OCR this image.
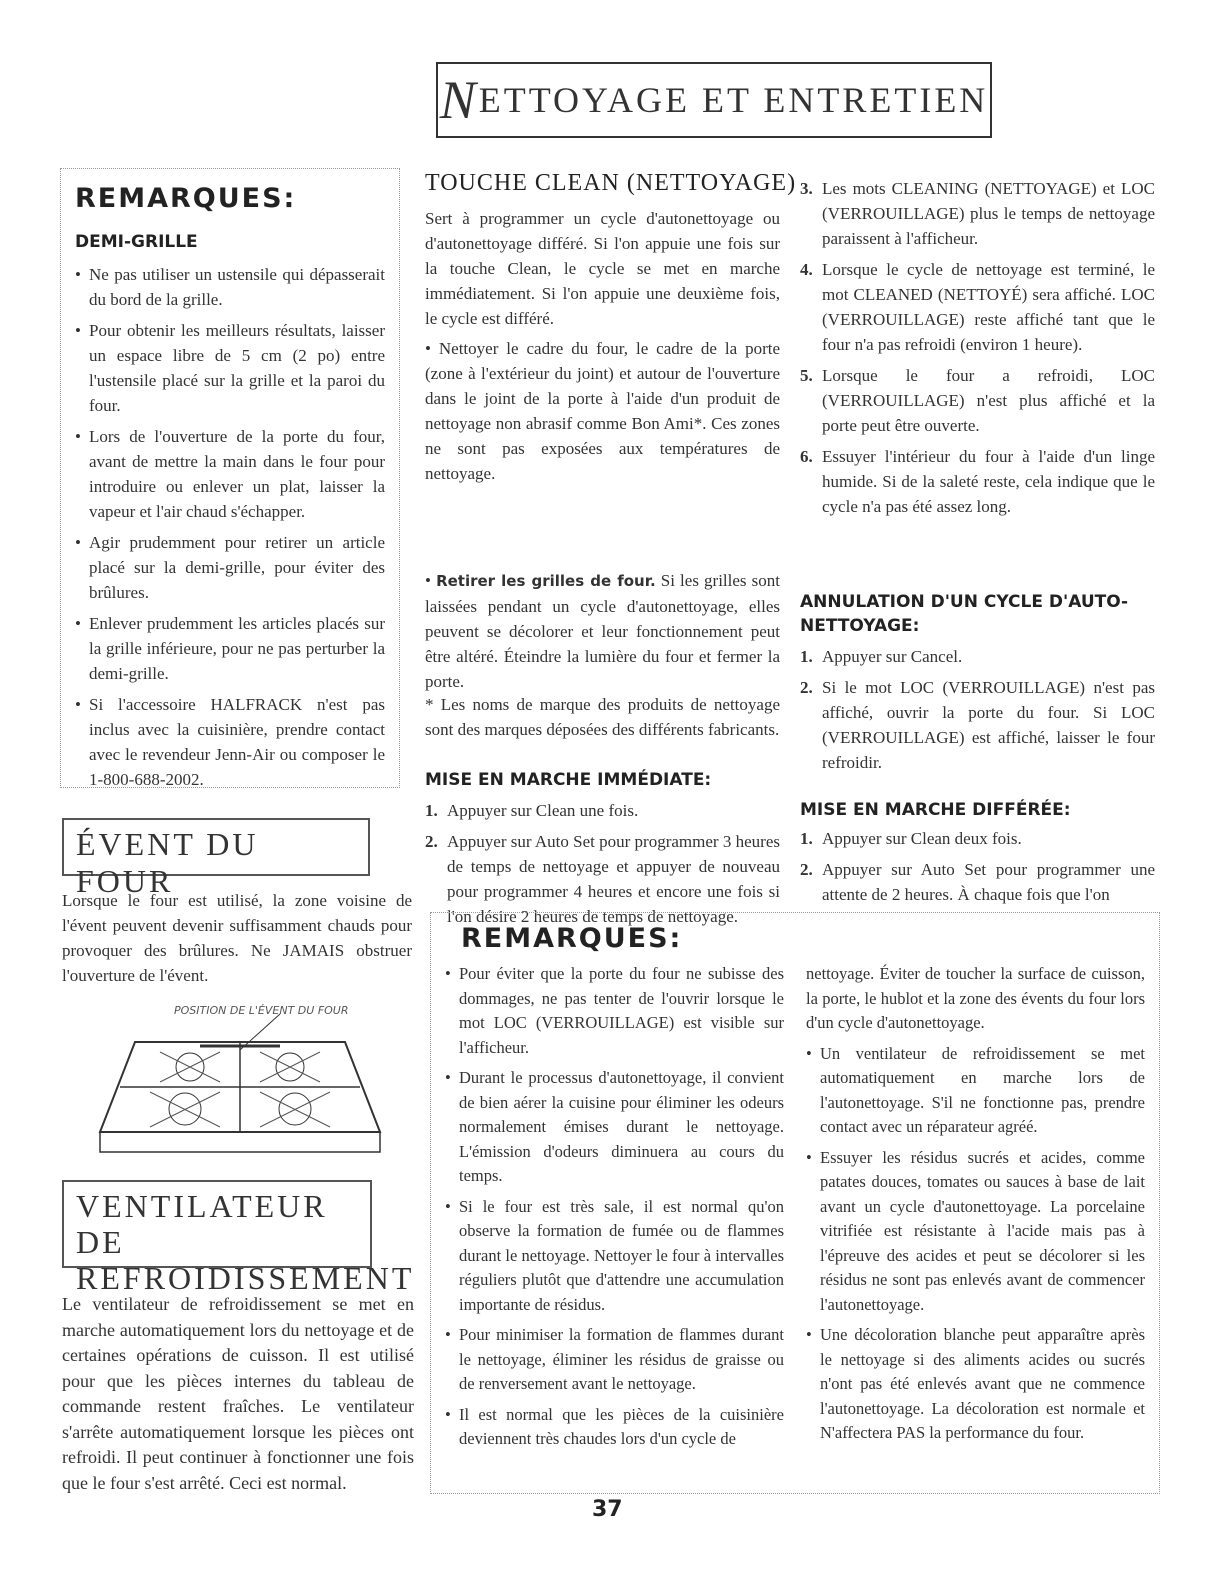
N ETTOYAGE ET ENTRETIEN
REMARQUES:
DEMI-GRILLE
• Ne pas utiliser un ustensile qui dépasserait du bord de la grille.
• Pour obtenir les meilleurs résultats, laisser un espace libre de 5 cm (2 po) entre l'ustensile placé sur la grille et la paroi du four.
• Lors de l'ouverture de la porte du four, avant de mettre la main dans le four pour introduire ou enlever un plat, laisser la vapeur et l'air chaud s'échapper.
• Agir prudemment pour retirer un article placé sur la demi-grille, pour éviter des brûlures.
• Enlever prudemment les articles placés sur la grille inférieure, pour ne pas perturber la demi-grille.
• Si l'accessoire HALFRACK n'est pas inclus avec la cuisinière, prendre contact avec le revendeur Jenn-Air ou composer le 1-800-688-2002.
ÉVENT DU FOUR
Lorsque le four est utilisé, la zone voisine de l'évent peuvent devenir suffisamment chauds pour provoquer des brûlures. Ne JAMAIS obstruer l'ouverture de l'évent.
POSITION DE L'ÉVENT DU FOUR
VENTILATEUR DE
REFROIDISSEMENT
Le ventilateur de refroidissement se met en marche automatiquement lors du nettoyage et de certaines opérations de cuisson. Il est utilisé pour que les pièces internes du tableau de commande restent fraîches. Le ventilateur s'arrête automatiquement lorsque les pièces ont refroidi. Il peut continuer à fonctionner une fois que le four s'est arrêté. Ceci est normal.
TOUCHE CLEAN (NETTOYAGE)
Sert à programmer un cycle d'autonettoyage ou d'autonettoyage différé. Si l'on appuie une fois sur la touche Clean, le cycle se met en marche immédiatement. Si l'on appuie une deuxième fois, le cycle est différé.
• Nettoyer le cadre du four, le cadre de la porte (zone à l'extérieur du joint) et autour de l'ouverture dans le joint de la porte à l'aide d'un produit de nettoyage non abrasif comme Bon Ami*. Ces zones ne sont pas exposées aux températures de nettoyage.
• Retirer les grilles de four. Si les grilles sont laissées pendant un cycle d'autonettoyage, elles peuvent se décolorer et leur fonctionnement peut être altéré. Éteindre la lumière du four et fermer la porte.
* Les noms de marque des produits de nettoyage sont des marques déposées des différents fabricants.
MISE EN MARCHE IMMÉDIATE:
1. Appuyer sur Clean une fois.
2. Appuyer sur Auto Set pour programmer 3 heures de temps de nettoyage et appuyer de nouveau pour programmer 4 heures et encore une fois si l'on désire 2 heures de temps de nettoyage.
3. Les mots CLEANING (NETTOYAGE) et LOC (VERROUILLAGE) plus le temps de nettoyage paraissent à l'afficheur.
4. Lorsque le cycle de nettoyage est terminé, le mot CLEANED (NETTOYÉ) sera affiché. LOC (VERROUILLAGE) reste affiché tant que le four n'a pas refroidi (environ 1 heure).
5. Lorsque le four a refroidi, LOC (VERROUILLAGE) n'est plus affiché et la porte peut être ouverte.
6. Essuyer l'intérieur du four à l'aide d'un linge humide. Si de la saleté reste, cela indique que le cycle n'a pas été assez long.
ANNULATION D'UN CYCLE D'AUTO-NETTOYAGE:
1. Appuyer sur Cancel.
2. Si le mot LOC (VERROUILLAGE) n'est pas affiché, ouvrir la porte du four. Si LOC (VERROUILLAGE) est affiché, laisser le four refroidir.
MISE EN MARCHE DIFFÉRÉE:
1. Appuyer sur Clean deux fois.
2. Appuyer sur Auto Set pour programmer une attente de 2 heures. À chaque fois que l'on
REMARQUES:
• Pour éviter que la porte du four ne subisse des dommages, ne pas tenter de l'ouvrir lorsque le mot LOC (VERROUILLAGE) est visible sur l'afficheur.
• Durant le processus d'autonettoyage, il convient de bien aérer la cuisine pour éliminer les odeurs normalement émises durant le nettoyage. L'émission d'odeurs diminuera au cours du temps.
• Si le four est très sale, il est normal qu'on observe la formation de fumée ou de flammes durant le nettoyage. Nettoyer le four à intervalles réguliers plutôt que d'attendre une accumulation importante de résidus.
• Pour minimiser la formation de flammes durant le nettoyage, éliminer les résidus de graisse ou de renversement avant le nettoyage.
• Il est normal que les pièces de la cuisinière deviennent très chaudes lors d'un cycle de
nettoyage. Éviter de toucher la surface de cuisson, la porte, le hublot et la zone des évents du four lors d'un cycle d'autonettoyage.
• Un ventilateur de refroidissement se met automatiquement en marche lors de l'autonettoyage. S'il ne fonctionne pas, prendre contact avec un réparateur agréé.
• Essuyer les résidus sucrés et acides, comme patates douces, tomates ou sauces à base de lait avant un cycle d'autonettoyage. La porcelaine vitrifiée est résistante à l'acide mais pas à l'épreuve des acides et peut se décolorer si les résidus ne sont pas enlevés avant de commencer l'autonettoyage.
• Une décoloration blanche peut apparaître après le nettoyage si des aliments acides ou sucrés n'ont pas été enlevés avant que ne commence l'autonettoyage. La décoloration est normale et N'affectera PAS la performance du four.
37
